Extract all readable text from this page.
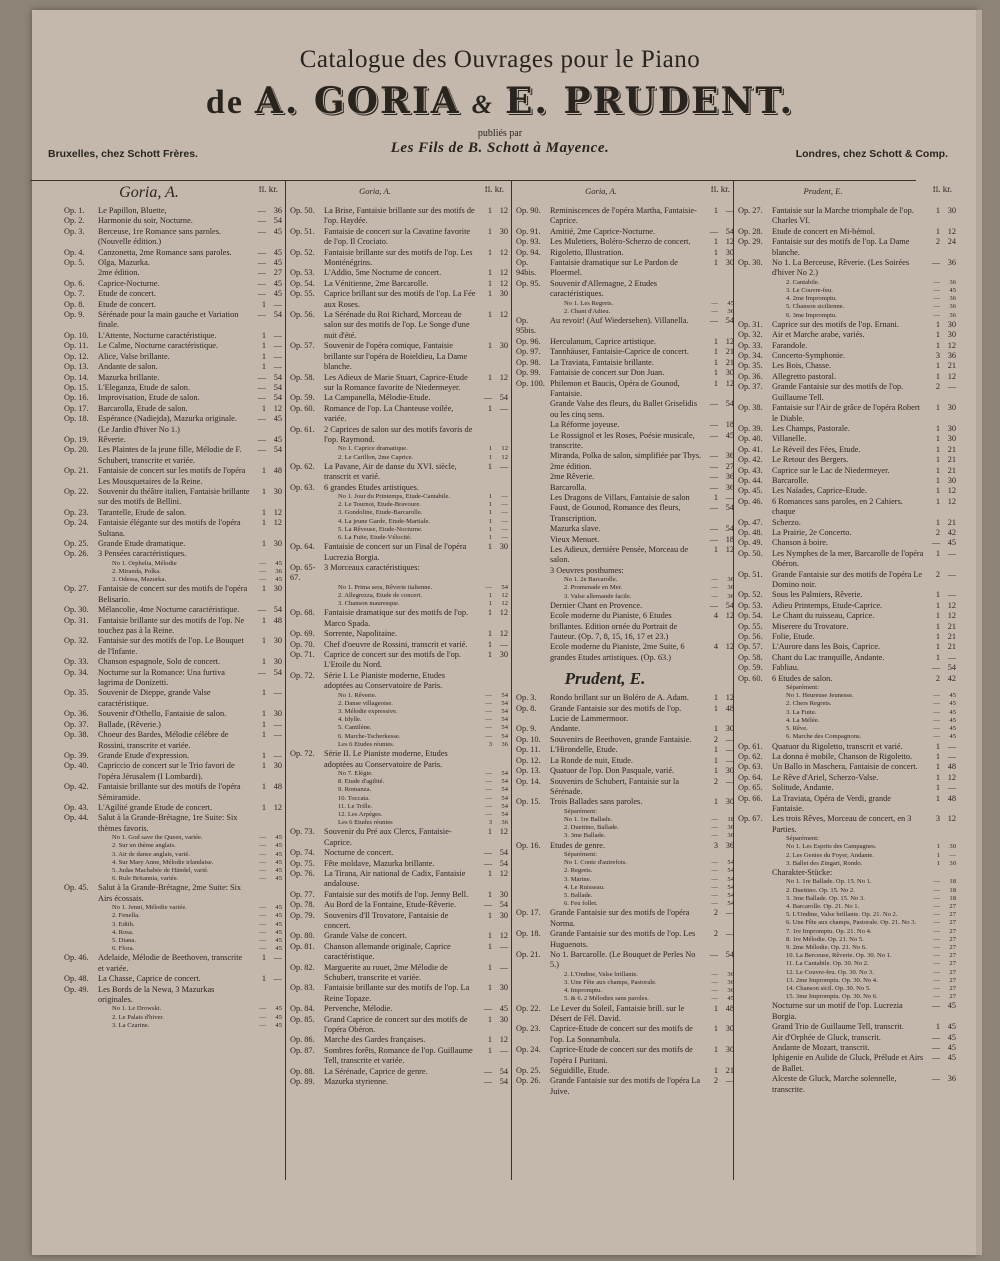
Catalogue des Ouvrages pour le Piano
de A. GORIA & E. PRUDENT.
publiés par
Bruxelles, chez Schott Frères.	Les Fils de B. Schott à Mayence.	Londres, chez Schott & Comp.
Goria, A.	fl. kr.
Op. 1.	Le Papillon, Bluette,	— 36
Op. 2.	Harmonie du soir, Nocturne.	— 54
Op. 3.	Berceuse, 1re Romance sans paroles. (Nouvelle édition.)
— 45
Op. 4.	Canzonetta, 2me Romance sans paroles.	— 45
Op. 5.	Olga, Mazurka.	— 45
2me édition.	— 27
Op. 6.	Caprice-Nocturne.	— 45
Op. 7.	Etude de concert.	— 45
Op. 8.	Etude de concert.	1 —
Op. 9.	Sérénade pour la main gauche et Variation finale.
— 54
Op. 10.	L'Attente, Nocturne caractéristique.	1 —
Op. 11.	Le Calme, Nocturne caractéristique.	1 —
Op. 12.	Alice, Valse brillante.	1 —
Op. 13.	Andante de salon.	1 —
Op. 14.	Mazurka brillante.	— 54
Op. 15.	L'Eleganza, Etude de salon.	— 54
Op. 16.	Improvisation, Etude de salon.	— 54
Op. 17.	Barcarolla, Etude de salon.	1 12
Op. 18.	Espérance (Nadiejda), Mazurka originale. (Le Jardin d'hiver No 1.)
— 45
Op. 19.	Rêverie.	— 45
Op. 20.	Les Plaintes de la jeune fille, Mélodie de F. Schubert, transcrite et variée.
— 54
Op. 21.	Fantaisie de concert sur les motifs de l'opéra Les Mousquetaires de la Reine.
1 48
Op. 22.	Souvenir du théâtre italien, Fantaisie brillante sur des motifs de Bellini.
1 30
Op. 23.	Tarantelle, Etude de salon.	1 12
Op. 24.	Fantaisie élégante sur des motifs de l'opéra Sultana.
1 12
Op. 25.	Grande Etude dramatique.	1 30
Op. 26.	3 Pensées caractéristiques.
No 1. Orphelia, Mélodie	—	45
2. Miranda, Polka.	—	36
3. Odessa, Mazurka.	—	45
Op. 27.	Fantaisie de concert sur des motifs de l'opéra Belisario.
1 30
Op. 30.	Mélancolie, 4me Nocturne caractéristique.	— 54
Op. 31.	Fantaisie brillante sur des motifs de l'op. Ne touchez pas à la Reine.
1 48
Op. 32.	Fantaisie sur des motifs de l'op. Le Bouquet de l'Infante.
1 30
Op. 33.	Chanson espagnole, Solo de concert.	1 30
Op. 34.	Nocturne sur la Romance: Una furtiva lagrima de Donizetti.
— 54
Op. 35.	Souvenir de Dieppe, grande Valse caractéristique.
1 —
Op. 36.	Souvenir d'Othello, Fantaisie de salon.	1 30
Op. 37.	Ballade, (Rêverie.)	1 —
Op. 38.	Choeur des Bardes, Mélodie célèbre de Rossini, transcrite et variée.
1 —
Op. 39.	Grande Etude d'expression.	1 —
Op. 40.	Capriccio de concert sur le Trio favori de l'opéra Jérusalem (I Lombardi).
1 30
Op. 42.	Fantaisie brillante sur des motifs de l'opéra Sémiramide.
1 48
Op. 43.	L'Agilité grande Etude de concert.	1 12
Op. 44.	Salut à la Grande-Brétagne, 1re Suite: Six thèmes favoris.
No 1. God save the Queen, variée.	—	45
2. Sur un thème anglais.	—	45
3. Air de danse anglais, varié.	—	45
4. Sur Mary Anne, Mélodie irlandaise.	—	45
5. Judas Machabée de Händel, varié.	—	45
6. Rule Britannia, variée.	—	45
Op. 45.	Salut à la Grande-Brétagne, 2me Suite: Six Airs écossais.
No 1. Jenni, Mélodie variée.	—	45
2. Fenella.	—	45
3. Edith.	—	45
4. Rosa.	—	45
5. Diana.	—	45
6. Flora.	—	45
Op. 46.	Adelaide, Mélodie de Beethoven, transcrite et variée.
1 —
Op. 48.	La Chasse, Caprice de concert.	1 —
Op. 49.	Les Bords de la Newa, 3 Mazurkas originales.
No 1. Le Drowski.	—	45
2. Le Palais d'hiver.	—	45
3. La Czarine.	—	45
Goria, A.	fl. kr.
Op. 50.	La Brise, Fantaisie brillante sur des motifs de l'op. Haydée.
1 12
Op. 51.	Fantaisie de concert sur la Cavatine favorite de l'op. Il Crociato.
1 30
Op. 52.	Fantaisie brillante sur des motifs de l'op. Les Monténégrins.
1 12
Op. 53.	L'Addio, 5me Nocturne de concert.	1 12
Op. 54.	La Vénitienne, 2me Barcarolle.	1 12
Op. 55.	Caprice brillant sur des motifs de l'op. La Fée aux Roses.
1 30
Op. 56.	La Sérénade du Roi Richard, Morceau de salon sur des motifs de l'op. Le Songe d'une nuit d'été.
1 12
Op. 57.	Souvenir de l'opéra comique, Fantaisie brillante sur l'opéra de Boieldieu, La Dame blanche.
1 30
Op. 58.	Les Adieux de Marie Stuart, Caprice-Etude sur la Romance favorite de Niedermeyer.
1 12
Op. 59.	La Campanella, Mélodie-Etude.	— 54
Op. 60.	Romance de l'op. La Chanteuse voilée, variée.
1 —
Op. 61.	2 Caprices de salon sur des motifs favoris de l'op. Raymond.
No 1. Caprice dramatique.	1	12
2. Le Carillon, 2me Caprice.	1	12
Op. 62.	La Pavane, Air de danse du XVI. siècle, transcrit et varié.
1 —
Op. 63.	6 grandes Etudes artistiques.
No 1. Jour du Printemps, Etude-Cantabile.	1	—
2. Le Tournoi, Etude-Bravoure.	1	—
3. Gondoline, Etude-Barcarolle.	1	—
4. La jeune Garde, Etude-Martiale.	1	—
5. La Rêveuse, Etude-Nocturne.	1	—
6. La Fuite, Etude-Vélocité.	1	—
Op. 64.	Fantaisie de concert sur un Final de l'opéra Lucrezia Borgia.
1 30
Op. 65-67.
3 Morceaux caractéristiques:
No 1. Prima sera, Rêverie italienne.	—	54
2. Allegrezza, Etude de concert.	1	12
3. Chanson mauresque.	1	12
Op. 68.	Fantaisie dramatique sur des motifs de l'op. Marco Spada.
1 12
Op. 69.	Sorrente, Napolitaine.	1 12
Op. 70.	Chef d'oeuvre de Rossini, transcrit et varié.	1 —
Op. 71.	Caprice de concert sur des motifs de l'op. L'Etoile du Nord.
1 30
Op. 72.	Série I. Le Pianiste moderne, Etudes adoptées au Conservatoire de Paris.
No 1. Rêverie.	—	54
2. Danse villageoise.	—	54
3. Mélodie expressive.	—	54
4. Idylle.	—	54
5. Cantilène.	—	54
6. Marche-Tscherkesse.	—	54
Les 6 Etudes réunies.	3	36
Op. 72.	Série II. Le Pianiste moderne, Etudes adoptées au Conservatoire de Paris.
No 7. Elégie.	—	54
8. Etude d'agilité.	—	54
9. Romanza.	—	54
10. Toccata.	—	54
11. Le Trille.	—	54
12. Les Arpèges.	—	54
Les 6 Etudes réunies	3	36
Op. 73.	Souvenir du Pré aux Clercs, Fantaisie-Caprice.
1 12
Op. 74.	Nocturne de concert.	— 54
Op. 75.	Fête moldave, Mazurka brillante.	— 54
Op. 76.	La Tirana, Air national de Cadix, Fantaisie andalouse.
1 12
Op. 77.	Fantaisie sur des motifs de l'op. Jenny Bell.	1 30
Op. 78.	Au Bord de la Fontaine, Etude-Rêverie.	— 54
Op. 79.	Souvenirs d'Il Trovatore, Fantaisie de concert.
1 30
Op. 80.	Grande Valse de concert.	1 12
Op. 81.	Chanson allemande originale, Caprice caractéristique.
1 —
Op. 82.	Marguerite au rouet, 2me Mélodie de Schubert, transcrite et variée.
1 —
Op. 83.	Fantaisie brillante sur des motifs de l'op. La Reine Topaze.
1 30
Op. 84.	Pervenche, Mélodie.	— 45
Op. 85.	Grand Caprice de concert sur des motifs de l'opéra Obéron.
1 30
Op. 86.	Marche des Gardes françaises.	1 12
Op. 87.	Sombres forêts, Romance de l'op. Guillaume Tell, transcrite et variée.
1 —
Op. 88.	La Sérénade, Caprice de genre.	— 54
Op. 89.	Mazurka styrienne.	— 54
Goria, A.	fl. kr.
Op. 90.	Reminiscences de l'opéra Martha, Fantaisie-Caprice.
1 —
Op. 91.	Amitié, 2me Caprice-Nocturne.	— 54
Op. 93.	Les Muletiers, Boléro-Scherzo de concert.	1 12
Op. 94.	Rigoletto, Illustration.	1 30
Op. 94bis.
Fantaisie dramatique sur Le Pardon de Ploermel.
1 30
Op. 95.	Souvenir d'Allemagne, 2 Etudes caractéristiques.
No 1. Les Regrets.	—	45
2. Chant d'Adieu.	—	36
Op. 95bis.
Au revoir! (Auf Wiedersehen). Villanella.	— 54
Op. 96.	Herculanum, Caprice artistique.	1 12
Op. 97.	Tannhäuser, Fantaisie-Caprice de concert.	1 21
Op. 98.	La Traviata, Fantaisie brillante.	1 21
Op. 99.	Fantaisie de concert sur Don Juan.	1 30
Op. 100. Philemon et Baucis, Opéra de Gounod, Fantaisie.
1 12
Grande Valse des fleurs, du Ballet Griselidis ou les cinq sens.
— 54
La Réforme joyeuse.	— 18
Le Rossignol et les Roses, Poésie musicale, transcrite.
— 45
Miranda, Polka de salon, simplifiée par Thys.	— 36
2me édition.	— 27
2me Rêverie.	— 36
Barcarolla.	— 36
Les Dragons de Villars, Fantaisie de salon	1 —
Faust, de Gounod, Romance des fleurs, Transcription.
— 54
Mazurka slave.	— 54
Vieux Menuet.	— 18
Les Adieux, dernière Pensée, Morceau de salon.
1 12
3 Oeuvres posthumes:
No 1. 2e Barcarolle.	—	36
2. Promenade en Mer.	—	36
3. Valse allemande facile.	—	36
Dernier Chant en Provence.	— 54
Ecole moderne du Pianiste, 6 Etudes brillantes. Edition ornée du Portrait de l'auteur. (Op. 7, 8, 15, 16, 17 et 23.)
4 12
Ecole moderne du Pianiste, 2me Suite, 6 grandes Etudes artistiques. (Op. 63.)
4 12
Prudent, E.
Op. 3.	Rondo brillant sur un Boléro de A. Adam.	1 12
Op. 8.	Grande Fantaisie sur des motifs de l'op. Lucie de Lammermoor.
1 48
Op. 9.	Andante.	1 30
Op. 10.	Souvenirs de Beethoven, grande Fantaisie.	2 —
Op. 11.	L'Hirondelle, Etude.	1 —
Op. 12.	La Ronde de nuit, Etude.	1 —
Op. 13.	Quatuor de l'op. Don Pasquale, varié.	1 30
Op. 14.	Souvenirs de Schubert, Fantaisie sur la Sérénade.
2 —
Op. 15.	Trois Ballades sans paroles.	1 30
Séparément:
No 1. 1re Ballade.	—	18
2. Duettino, Ballade.	—	36
3. 3me Ballade.	—	36
Op. 16.	Etudes de genre.	3 36
Séparément:
No 1. Conte d'autrefois.	—	54
2. Regrets.	—	54
3. Marine.	—	54
4. Le Ruisseau.	—	54
5. Ballade.	—	54
6. Feu follet.	—	54
Op. 17.	Grande Fantaisie sur des motifs de l'opéra Norma.
2 —
Op. 18.	Grande Fantaisie sur des motifs de l'op. Les Huguenots.
2 —
Op. 21.	No 1. Barcarolle. (Le Bouquet de Perles No 5.)
— 54
2. L'Ondine, Valse brillante.	—	36
3. Une Fête aux champs, Pastorale.	—	36
4. Impromptu.	—	36
5. & 6. 2 Mélodies sans paroles.	—	45
Op. 22.	Le Lever du Soleil, Fantaisie brill. sur le Désert de Fél. David.
1 48
Op. 23.	Caprice-Etude de concert sur des motifs de l'op. La Sonnambula.
1 30
Op. 24.	Caprice-Etude de concert sur des motifs de l'opéra I Puritani.
1 30
Op. 25.	Séguidille, Etude.	1 21
Op. 26.	Grande Fantaisie sur des motifs de l'opéra La Juive.
2 —
Prudent, E.	fl. kr.
Op. 27.	Fantaisie sur la Marche triomphale de l'op. Charles VI.
1 30
Op. 28.	Etude de concert en Mi-bémol.	1 12
Op. 29.	Fantaisie sur des motifs de l'op. La Dame blanche.
2 24
Op. 30.	No 1. La Berceuse, Rêverie. (Les Soirées d'hiver No 2.)
— 36
2. Cantabile.	—	36
3. Le Couvre-feu.	—	45
4. 2me Impromptu.	—	36
5. Chanson sicilienne.	—	36
6. 3me Impromptu.	—	36
Op. 31.	Caprice sur des motifs de l'op. Ernani.	1 30
Op. 32.	Air et Marche arabe, variés.	1 30
Op. 33.	Farandole.	1 12
Op. 34.	Concerto-Symphonie.	3 36
Op. 35.	Les Bois, Chasse.	1 21
Op. 36.	Allegretto pastoral.	1 12
Op. 37.	Grande Fantaisie sur des motifs de l'op. Guillaume Tell.
2 —
Op. 38.	Fantaisie sur l'Air de grâce de l'opéra Robert le Diable.
1 30
Op. 39.	Les Champs, Pastorale.	1 30
Op. 40.	Villanelle.	1 30
Op. 41.	Le Réveil des Fées, Etude.	1 21
Op. 42.	Le Retour des Bergers.	1 21
Op. 43.	Caprice sur le Lac de Niedermeyer.	1 21
Op. 44.	Barcarolle.	1 30
Op. 45.	Les Naïades, Caprice-Etude.	1 12
Op. 46.	6 Romances sans paroles, en 2 Cahiers. chaque
1 12
Op. 47.	Scherzo.	1 21
Op. 48.	La Prairie, 2e Concerto.	2 42
Op. 49.	Chanson à boire.	— 45
Op. 50.	Les Nymphes de la mer, Barcarolle de l'opéra Obéron.
1 —
Op. 51.	Grande Fantaisie sur des motifs de l'opéra Le Domino noir.
2 —
Op. 52.	Sous les Palmiers, Rêverie.	1 —
Op. 53.	Adieu Printemps, Etude-Caprice.	1 12
Op. 54.	Le Chant du ruisseau, Caprice.	1 12
Op. 55.	Miserere du Trovatore.	1 21
Op. 56.	Folie, Etude.	1 21
Op. 57.	L'Aurore dans les Bois, Caprice.	1 21
Op. 58.	Chant du Lac tranquille, Andante.	1 —
Op. 59.	Fabliau.	— 54
Op. 60.	6 Etudes de salon.	2 42
Séparément:
No 1. Heureuse Jeunesse.	—	45
2. Chers Regrets.	—	45
3. La Fuite.	—	45
4. La Mélée.	—	45
5. Rêve.	—	45
6. Marche des Compagnons.	—	45
Op. 61.	Quatuor du Rigoletto, transcrit et varié.	1 —
Op. 62.	La donna è mobile, Chanson de Rigoletto.	1 —
Op. 63.	Un Ballo in Maschera, Fantaisie de concert.	1 48
Op. 64.	Le Rêve d'Ariel, Scherzo-Valse.	1 12
Op. 65.	Solitude, Andante.	1 —
Op. 66.	La Traviata, Opéra de Verdi, grande Fantaisie.
1 48
Op. 67.	Les trois Rêves, Morceau de concert, en 3 Parties.
3 12
Séparément:
No 1. Les Esprits des Campagnes.	1	30
2. Les Genies du Foyer, Andante.	1	—
3. Ballet des Zingari, Rondo.	1	30
Charakter-Stücke:
No 1. 1re Ballade. Op. 15. No 1.	—	18
2. Duettino. Op. 15. No 2.	—	18
3. 3me Ballade. Op. 15. No 3.	—	18
4. Barcarolle. Op. 21. No 1.	—	27
5. L'Ondine, Valse brillante. Op. 21. No 2.	—	27
6. Une Fête aux champs, Pastorale. Op. 21. No 3.	—	27
7. 1re Impromptu. Op. 21. No 4.	—	27
8. 1re Mélodie. Op. 21. No 5.	—	27
9. 2me Mélodie. Op. 21. No 6.	—	27
10. La Berceuse, Rêverie. Op. 30. No 1.	—	27
11. La Cantabile. Op. 30. No 2.	—	27
12. Le Couvre-feu. Op. 30. No 3.	—	27
13. 2me Impromptu. Op. 30. No 4.	—	27
14. Chanson sicil. Op. 30. No 5.	—	27
15. 3me Impromptu. Op. 30. No 6.	—	27
Nocturne sur un motif de l'op. Lucrezia Borgia.
— 45
Grand Trio de Guillaume Tell, transcrit.	1 45
Air d'Orphée de Gluck, transcrit.	— 45
Andante de Mozart, transcrit.	— 45
Iphigenie en Aulide de Gluck, Prélude et Airs de Ballet.
— 45
Alceste de Gluck, Marche solennelle, transcrite.
— 36
